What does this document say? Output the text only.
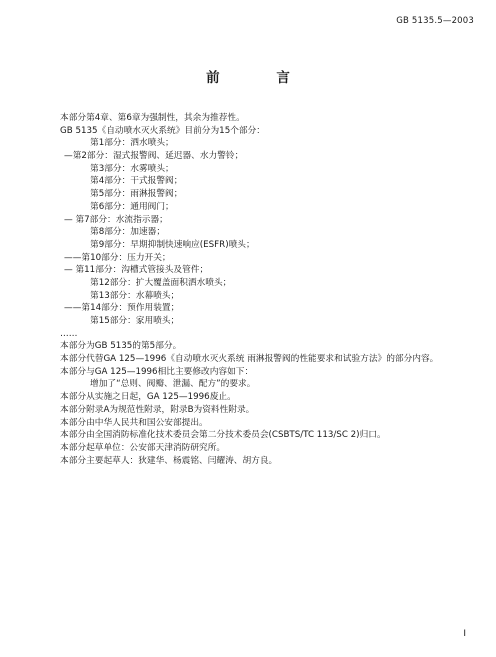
GB 5135.5—2003
前 言
本部分第4章、第6章为强制性，其余为推荐性。
GB 5135《自动喷水灭火系统》目前分为15个部分：
第1部分：洒水喷头；
—第2部分：湿式报警阀、延迟器、水力警铃；
第3部分：水雾喷头；
第4部分：干式报警阀；
第5部分：雨淋报警阀；
第6部分：通用阀门；
— 第7部分：水流指示器；
第8部分：加速器；
第9部分：早期抑制快速响应(ESFR)喷头；
——第10部分：压力开关；
— 第11部分：沟槽式管接头及管件；
第12部分：扩大覆盖面积洒水喷头；
第13部分：水幕喷头；
——第14部分：预作用装置；
第15部分：家用喷头；
……
本部分为GB 5135的第5部分。
本部分代替GA 125—1996《自动喷水灭火系统 雨淋报警阀的性能要求和试验方法》的部分内容。
本部分与GA 125—1996相比主要修改内容如下：
增加了“总则、阀瓣、泄漏、配方”的要求。
本部分从实施之日起，GA 125—1996废止。
本部分附录A为规范性附录，附录B为资料性附录。
本部分由中华人民共和国公安部提出。
本部分由全国消防标准化技术委员会第二分技术委员会(CSBTS/TC 113/SC 2)归口。
本部分起草单位：公安部天津消防研究所。
本部分主要起草人：狄建华、杨震铭、闫耀涛、胡方良。
I
